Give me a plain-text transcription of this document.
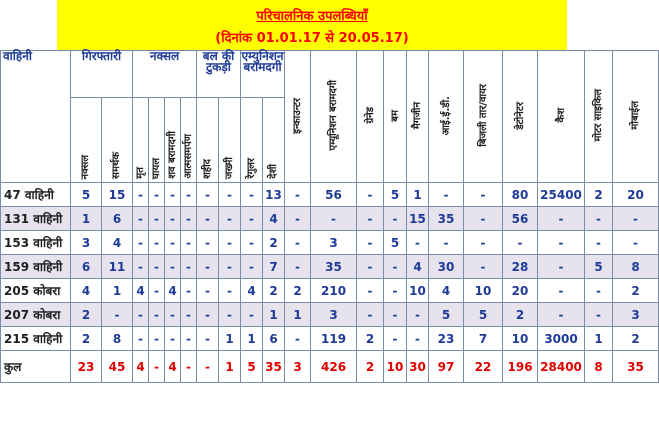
परिचालनिक उपलब्धियाँ
(दिनांक 01.01.17 से 20.05.17)
वाहिनी	गिरफ्तारी		नक्सल				बल की टुकड़ी		एम्युनिशन बरामदगी		इन्काउन्टर	एम्यूनिशन बरामदगी	ग्रेनेड	बम	मैगजीन	आई.ई.डी.	बिजली तार/वायर	डेटोनेटर	कैश	मोटर साइकिल	मोबाईल
	नक्सल	समर्थक	मृत	घायल	शव बरामदगी	आत्मसमर्पण	शहीद	जख्मी	रेगुलर	देशी											
47 वाहिनी	5	15	-	-	-	-	-	-	-	13	-	56	-	5	1	-	-	80	25400	2	20
131 वाहिनी	1	6	-	-	-	-	-	-	-	4	-	-	-	-	15	35	-	56	-	-	-
153 वाहिनी	3	4	-	-	-	-	-	-	-	2	-	3	-	5	-	-	-	-	-	-	-
159 वाहिनी	6	11	-	-	-	-	-	-	-	7	-	35	-	-	4	30	-	28	-	5	8
205 कोबरा	4	1	4	-	4	-	-	-	4	2	2	210	-	-	10	4	10	20	-	-	2
207 कोबरा	2	-	-	-	-	-	-	-	-	1	1	3	-	-	-	5	5	2	-	-	3
215 वाहिनी	2	8	-	-	-	-	-	1	1	6	-	119	2	-	-	23	7	10	3000	1	2
कुल	23	45	4	-	4	-	-	1	5	35	3	426	2	10	30	97	22	196	28400	8	35
